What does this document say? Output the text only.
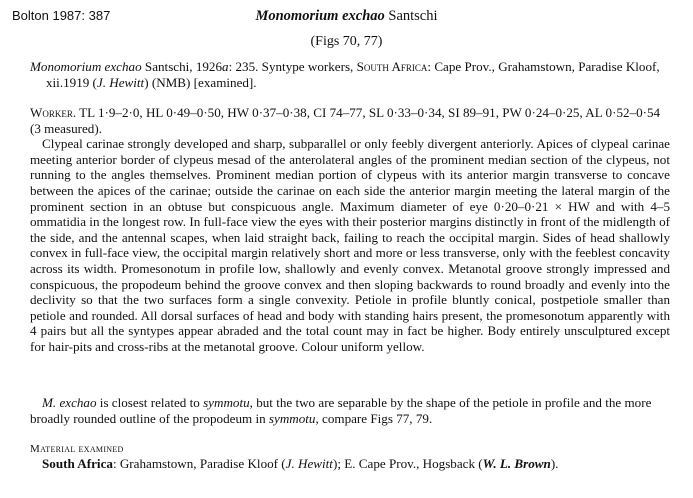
Bolton 1987: 387	Monomorium exchao Santschi
(Figs 70, 77)
Monomorium exchao Santschi, 1926a: 235. Syntype workers, South Africa: Cape Prov., Grahamstown, Paradise Kloof, xii.1919 (J. Hewitt) (NMB) [examined].

Worker. TL 1·9–2·0, HL 0·49–0·50, HW 0·37–0·38, CI 74–77, SL 0·33–0·34, SI 89–91, PW 0·24–0·25, AL 0·52–0·54 (3 measured).

Clypeal carinae strongly developed and sharp, subparallel or only feebly divergent anteriorly. Apices of clypeal carinae meeting anterior border of clypeus mesad of the anterolateral angles of the prominent median section of the clypeus, not running to the angles themselves. Prominent median portion of clypeus with its anterior margin transverse to concave between the apices of the carinae; outside the carinae on each side the anterior margin meeting the lateral margin of the prominent section in an obtuse but conspicuous angle. Maximum diameter of eye 0·20–0·21 × HW and with 4–5 ommatidia in the longest row. In full-face view the eyes with their posterior margins distinctly in front of the midlength of the side, and the antennal scapes, when laid straight back, failing to reach the occipital margin. Sides of head shallowly convex in full-face view, the occipital margin relatively short and more or less transverse, only with the feeblest concavity across its width. Promesonotum in profile low, shallowly and evenly convex. Metanotal groove strongly impressed and conspicuous, the propodeum behind the groove convex and then sloping backwards to round broadly and evenly into the declivity so that the two surfaces form a single convexity. Petiole in profile bluntly conical, postpetiole smaller than petiole and rounded. All dorsal surfaces of head and body with standing hairs present, the promesonotum apparently with 4 pairs but all the syntypes appear abraded and the total count may in fact be higher. Body entirely unsculptured except for hair-pits and cross-ribs at the metanotal groove. Colour uniform yellow.

M. exchao is closest related to symmotu, but the two are separable by the shape of the petiole in profile and the more broadly rounded outline of the propodeum in symmotu, compare Figs 77, 79.
Material examined
South Africa: Grahamstown, Paradise Kloof (J. Hewitt); E. Cape Prov., Hogsback (W. L. Brown).
